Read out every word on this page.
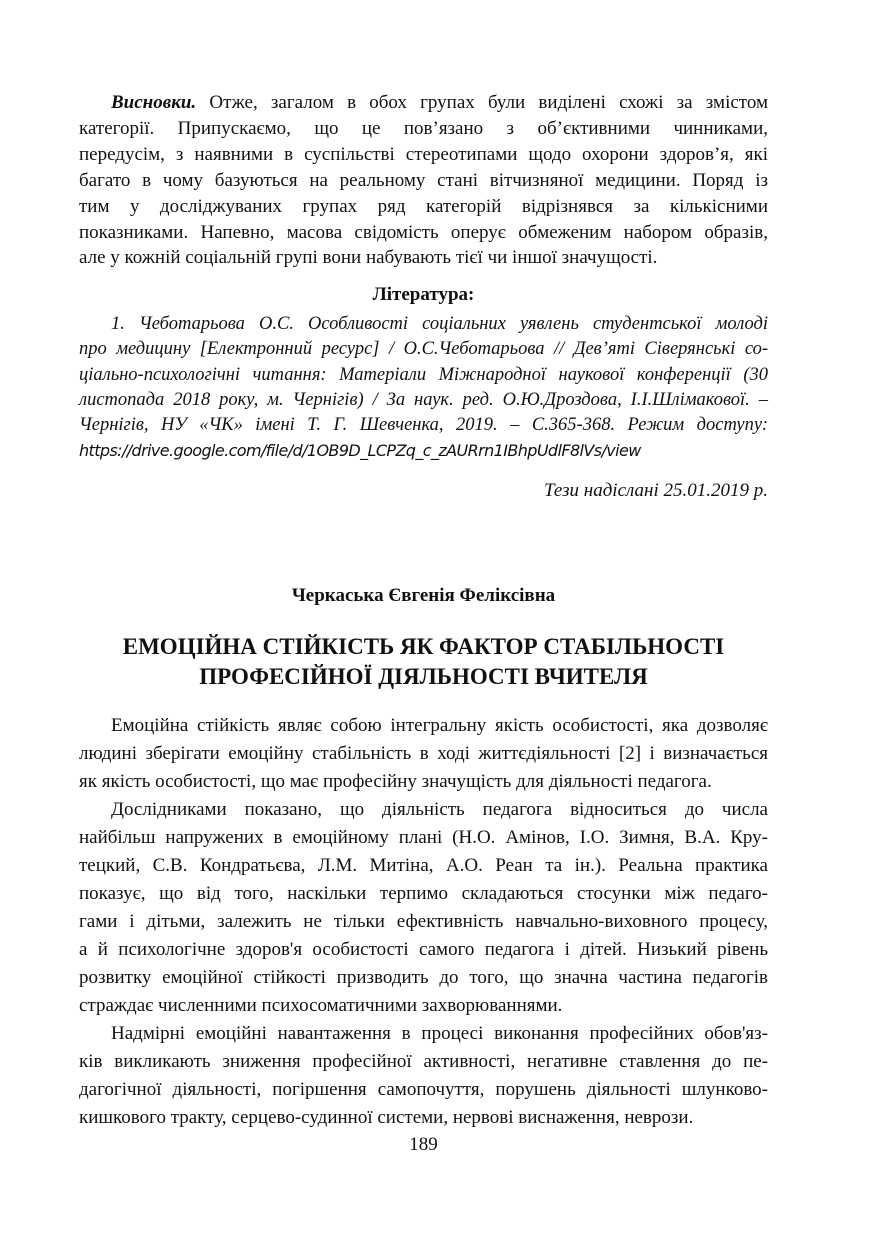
Висновки. Отже, загалом в обох групах були виділені схожі за змістом
категорії. Припускаємо, що це пов’язано з об’єктивними чинниками,
передусім, з наявними в суспільстві стереотипами щодо охорони здоров’я, які
багато в чому базуються на реальному стані вітчизняної медицини. Поряд із
тим у досліджуваних групах ряд категорій відрізнявся за кількісними
показниками. Напевно, масова свідомість оперує обмеженим набором образів,
але у кожній соціальній групі вони набувають тієї чи іншої значущості.
Література:
1. Чеботарьова О.С. Особливості соціальних уявлень студентської молоді
про медицину [Електронний ресурс] / О.С.Чеботарьова // Дев’яті Сіверянські со-
ціально-психологічні читання: Матеріали Міжнародної наукової конференції (30
листопада 2018 року, м. Чернігів) / За наук. ред. О.Ю.Дроздова, І.І.Шлімакової. –
Чернігів, НУ «ЧК» імені Т. Г. Шевченка, 2019. – С.365-368. Режим доступу:
https://drive.google.com/file/d/1OB9D_LCPZq_c_zAURrn1IBhpUdlF8lVs/view
Тези надіслані 25.01.2019 р.
Черкаська Євгенія Феліксівна
ЕМОЦІЙНА СТІЙКІСТЬ ЯК ФАКТОР СТАБІЛЬНОСТІ
ПРОФЕСІЙНОЇ ДІЯЛЬНОСТІ ВЧИТЕЛЯ
Емоційна стійкість являє собою інтегральну якість особистості, яка дозволяє
людині зберігати емоційну стабільність в ході життєдіяльності [2] і визначається
як якість особистості, що має професійну значущість для діяльності педагога.
Дослідниками показано, що діяльність педагога відноситься до числа
найбільш напружених в емоційному плані (Н.О. Амінов, І.О. Зимня, В.А. Кру-
тецкий, С.В. Кондратьєва, Л.М. Митіна, А.О. Реан та ін.). Реальна практика
показує, що від того, наскільки терпимо складаються стосунки між педаго-
гами і дітьми, залежить не тільки ефективність навчально-виховного процесу,
а й психологічне здоров'я особистості самого педагога і дітей. Низький рівень
розвитку емоційної стійкості призводить до того, що значна частина педагогів
страждає численними психосоматичними захворюваннями.
Надмірні емоційні навантаження в процесі виконання професійних обов'яз-
ків викликають зниження професійної активності, негативне ставлення до пе-
дагогічної діяльності, погіршення самопочуття, порушень діяльності шлунково-
кишкового тракту, серцево-судинної системи, нервові виснаження, неврози.
189
